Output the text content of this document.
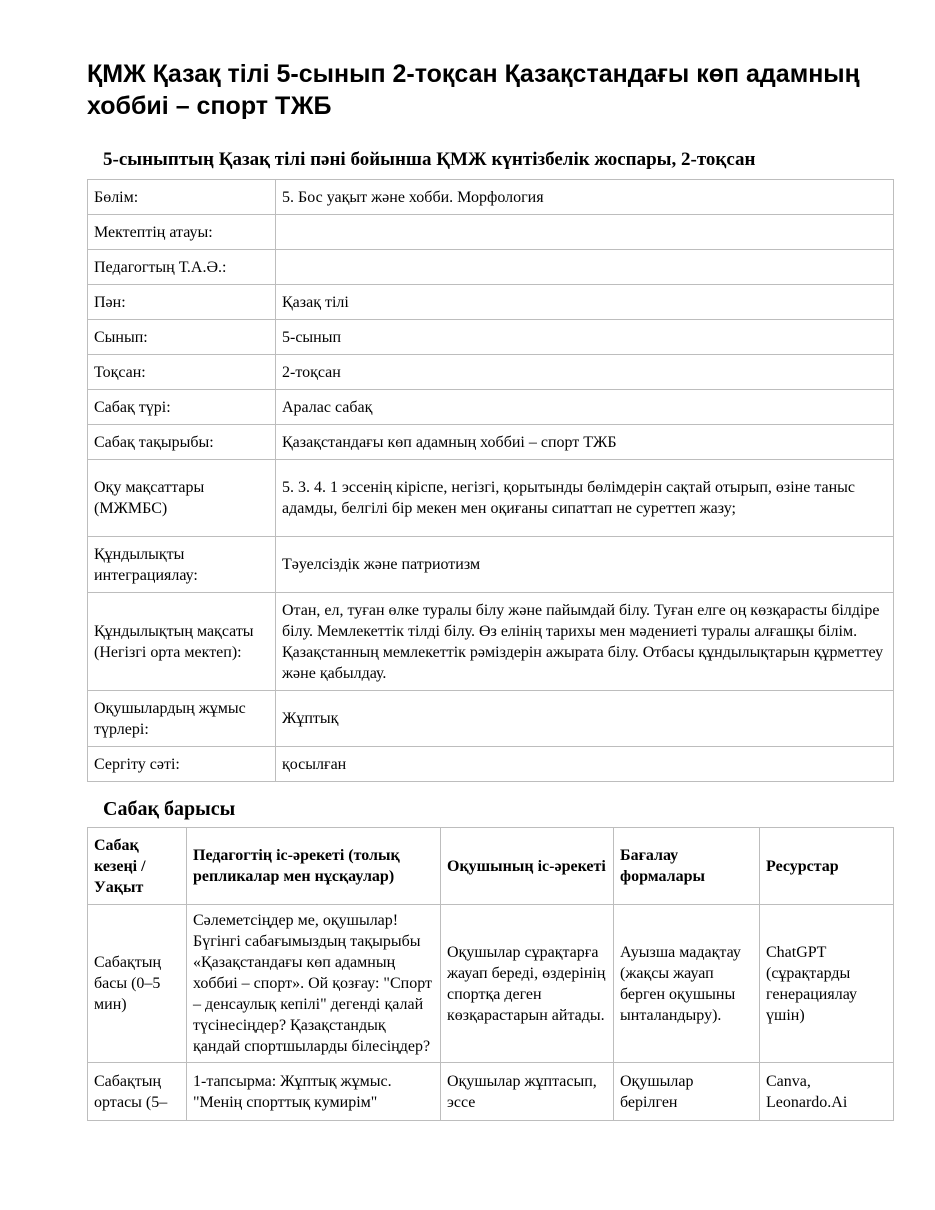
ҚМЖ Қазақ тілі 5-сынып 2-тоқсан Қазақстандағы көп адамның хоббиі – спорт ТЖБ
5-сыныптың Қазақ тілі пәні бойынша ҚМЖ күнтізбелік жоспары, 2-тоқсан
Бөлім:	5. Бос уақыт және хобби. Морфология
Мектептің атауы:	
Педагогтың Т.А.Ә.:	
Пән:	Қазақ тілі
Сынып:	5-сынып
Тоқсан:	2-тоқсан
Сабақ түрі:	Аралас сабақ
Сабақ тақырыбы:	Қазақстандағы көп адамның хоббиі – спорт ТЖБ
Оқу мақсаттары (МЖМБС)	5. 3. 4. 1 эссенің кіріспе, негізгі, қорытынды бөлімдерін сақтай отырып, өзіне таныс адамды, белгілі бір мекен мен оқиғаны сипаттап не суреттеп жазу;
Құндылықты интеграциялау:	Тәуелсіздік және патриотизм
Құндылықтың мақсаты (Негізгі орта мектеп):	Отан, ел, туған өлке туралы білу және пайымдай білу. Туған елге оң көзқарасты білдіре білу. Мемлекеттік тілді білу. Өз елінің тарихы мен мәдениеті туралы алғашқы білім. Қазақстанның мемлекеттік рәміздерін ажырата білу. Отбасы құндылықтарын құрметтеу және қабылдау.
Оқушылардың жұмыс түрлері:	Жұптық
Сергіту сәті:	қосылған
Сабақ барысы
Сабақ кезеңі / Уақыт	Педагогтің іс-әрекеті (толық репликалар мен нұсқаулар)	Оқушының іс-әрекеті	Бағалау формалары	Ресурстар
Сабақтың басы (0–5 мин)	Сәлеметсіңдер ме, оқушылар! Бүгінгі сабағымыздың тақырыбы «Қазақстандағы көп адамның хоббиі – спорт». Ой қозғау: "Спорт – денсаулық кепілі" дегенді қалай түсінесіңдер? Қазақстандық қандай спортшыларды білесіңдер?	Оқушылар сұрақтарға жауап береді, өздерінің спортқа деген көзқарастарын айтады.	Ауызша мадақтау (жақсы жауап берген оқушыны ынталандыру).	ChatGPT (сұрақтарды генерациялау үшін)

Сабақтың ортасы (5–	1-тапсырма: Жұптық жұмыс. "Менің спорттық кумирім"	Оқушылар жұптасып, эссе	Оқушылар берілген	Canva, Leonardo.Ai
